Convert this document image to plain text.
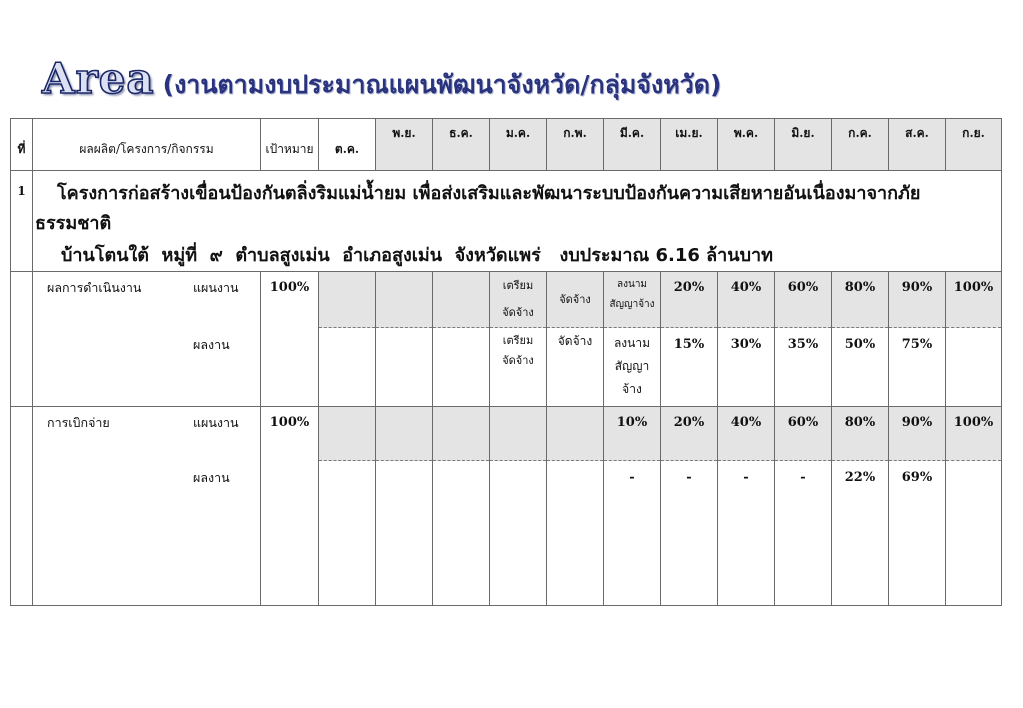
Area (งานตามงบประมาณแผนพัฒนาจังหวัด/กลุ่มจังหวัด)
ที่	ผลผลิต/โครงการ/กิจกรรม	เป้าหมาย	ต.ค.	พ.ย.	ธ.ค.	ม.ค.	ก.พ.	มี.ค.	เม.ย.	พ.ค.	มิ.ย.	ก.ค.	ส.ค.	ก.ย.
1	โครงการก่อสร้างเขื่อนป้องกันตลิ่งริมแม่น้ำยม เพื่อส่งเสริมและพัฒนาระบบป้องกันความเสียหายอันเนื่องมาจากภัยธรรมชาติ
บ้านโตนใต้  หมู่ที่  ๙  ตำบลสูงเม่น  อำเภอสูงเม่น  จังหวัดแพร่   งบประมาณ 6.16 ล้านบาท													

	ผลการดำเนินงาน แผนงาน	100%				เตรียม
จัดจ้าง	จัดจ้าง	ลงนาม
สัญญาจ้าง	20%	40%	60%	80%	90%	100%
	ผลงาน					เตรียม
จัดจ้าง	จัดจ้าง	ลงนาม
สัญญา
จ้าง	15%	30%	35%	50%	75%	
	การเบิกจ่าย แผนงาน	100%						10%	20%	40%	60%	80%	90%	100%
	ผลงาน							-	-	-	-	22%	69%	
